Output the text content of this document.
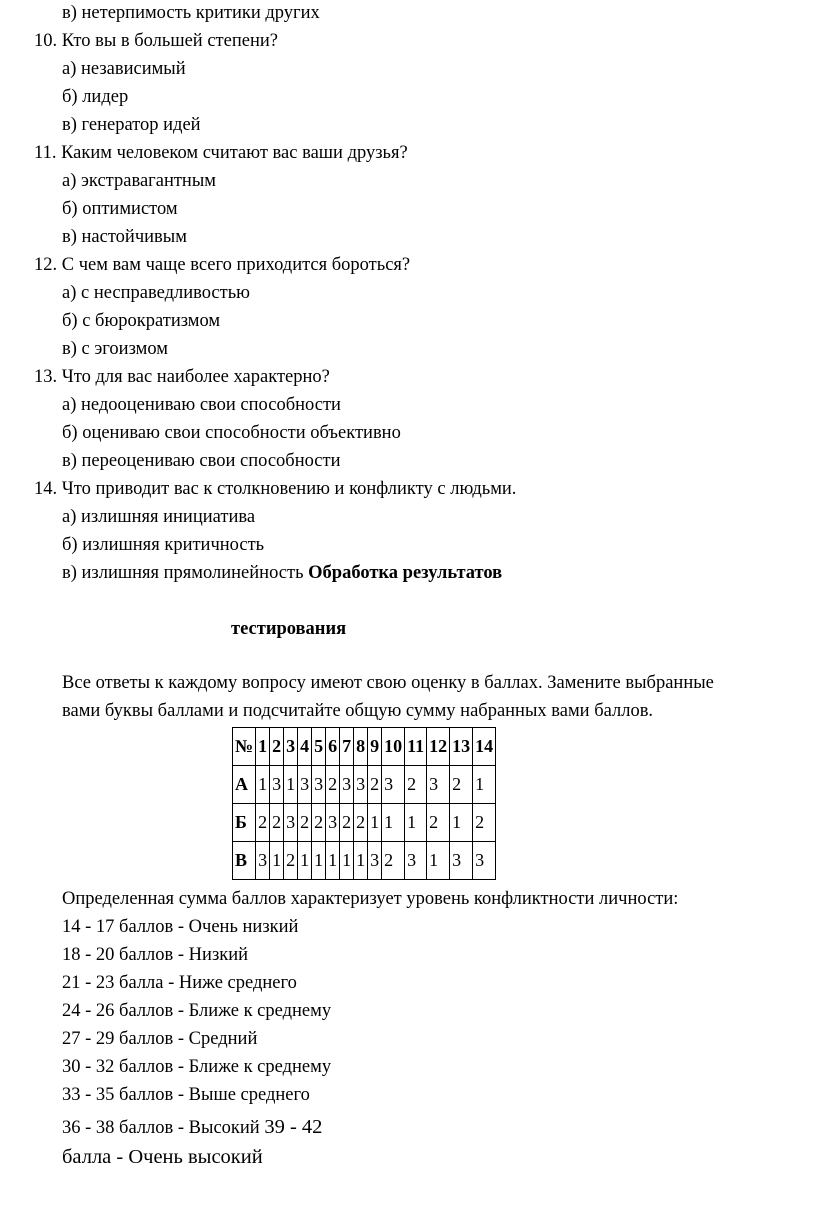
в) нетерпимость критики других
10. Кто вы в большей степени?
а) независимый
б) лидер
в) генератор идей
11. Каким человеком считают вас ваши друзья?
а) экстравагантным
б) оптимистом
в) настойчивым
12. С чем вам чаще всего приходится бороться?
а) с несправедливостью
б) с бюрократизмом
в) с эгоизмом
13. Что для вас наиболее характерно?
а) недооцениваю свои способности
б) оцениваю свои способности объективно
в) переоцениваю свои способности
14. Что приводит вас к столкновению и конфликту с людьми.
а) излишняя инициатива
б) излишняя критичность
в) излишняя прямолинейность Обработка результатов
тестирования
Все ответы к каждому вопросу имеют свою оценку в баллах. Замените выбранные
вами буквы баллами и подсчитайте общую сумму набранных вами баллов.
№	1	2	3	4	5	6	7	8	9	10	11	12	13	14
А	1	3	1	3	3	2	3	3	2	3	2	3	2	1
Б	2	2	3	2	2	3	2	2	1	1	1	2	1	2
В	3	1	2	1	1	1	1	1	3	2	3	1	3	3
Определенная сумма баллов характеризует уровень конфликтности личности:
14 - 17 баллов - Очень низкий
18 - 20 баллов - Низкий
21 - 23 балла - Ниже среднего
24 - 26 баллов - Ближе к среднему
27 - 29 баллов - Средний
30 - 32 баллов - Ближе к среднему
33 - 35 баллов - Выше среднего
36 - 38 баллов - Высокий 39 - 42
балла - Очень высокий
